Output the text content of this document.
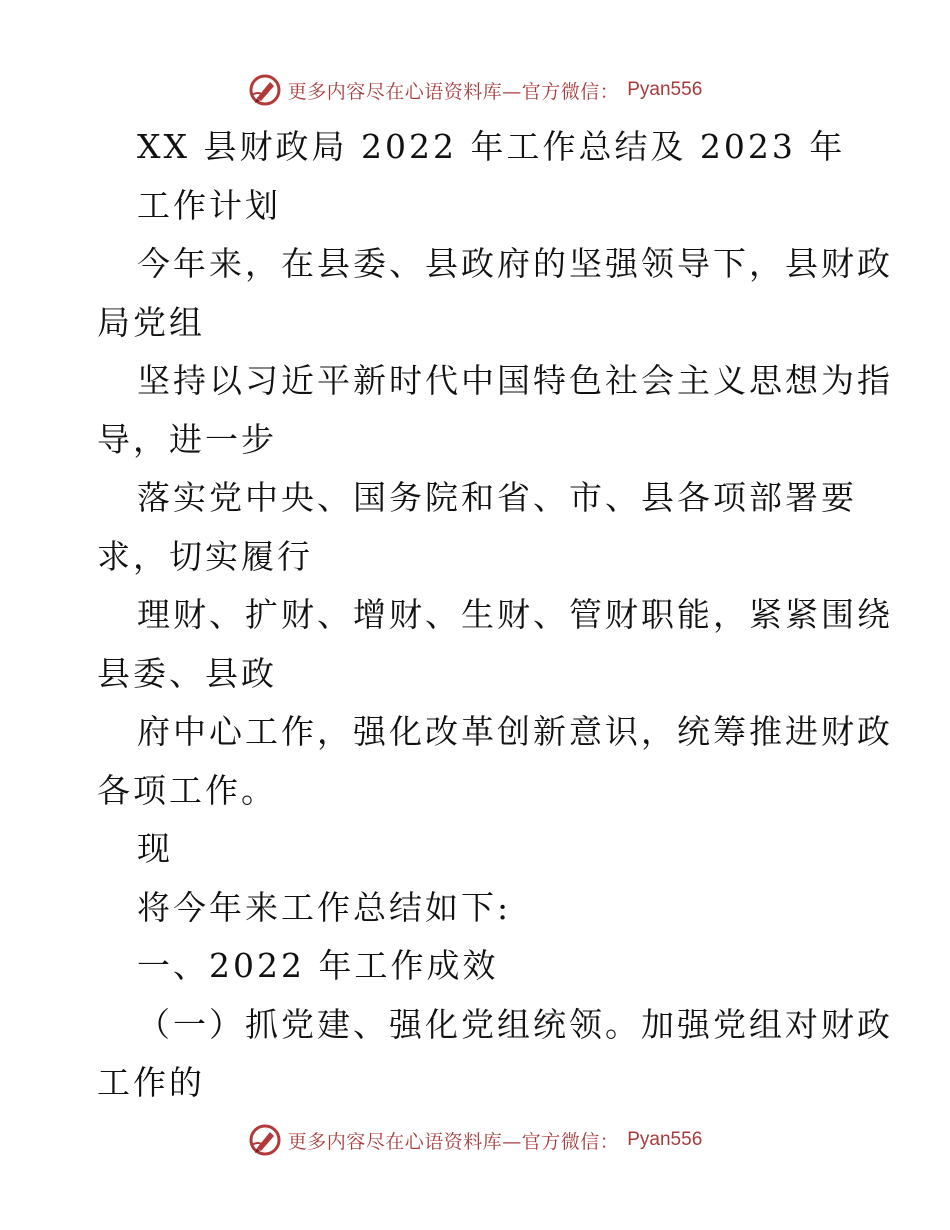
更多内容尽在心语资料库—官方微信： Pyan556
XX 县财政局 2022 年工作总结及 2023 年
工作计划
今年来，在县委、县政府的坚强领导下，县财政
局党组
坚持以习近平新时代中国特色社会主义思想为指
导，进一步
落实党中央、国务院和省、市、县各项部署要
求，切实履行
理财、扩财、增财、生财、管财职能，紧紧围绕
县委、县政
府中心工作，强化改革创新意识，统筹推进财政
各项工作。
现
将今年来工作总结如下:
一、2022 年工作成效
（一）抓党建、强化党组统领。加强党组对财政
工作的
更多内容尽在心语资料库—官方微信： Pyan556
